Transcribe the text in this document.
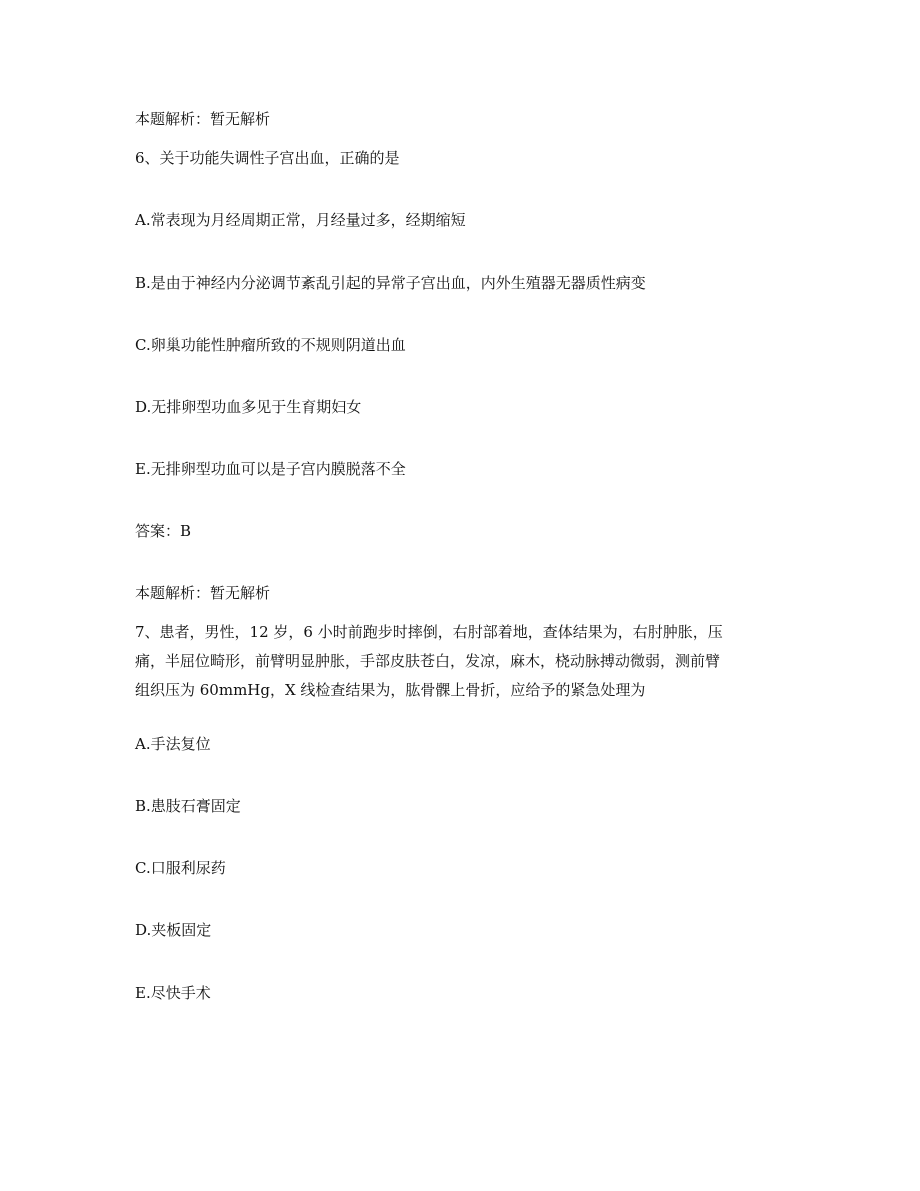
本题解析：暂无解析
6、关于功能失调性子宫出血，正确的是
A.常表现为月经周期正常，月经量过多，经期缩短
B.是由于神经内分泌调节紊乱引起的异常子宫出血，内外生殖器无器质性病变
C.卵巢功能性肿瘤所致的不规则阴道出血
D.无排卵型功血多见于生育期妇女
E.无排卵型功血可以是子宫内膜脱落不全
答案：B
本题解析：暂无解析
7、患者，男性，12 岁，6 小时前跑步时摔倒，右肘部着地，查体结果为，右肘肿胀，压
痛，半屈位畸形，前臂明显肿胀，手部皮肤苍白，发凉，麻木，桡动脉搏动微弱，测前臂
组织压为 60mmHg，X 线检查结果为，肱骨髁上骨折，应给予的紧急处理为
A.手法复位
B.患肢石膏固定
C.口服利尿药
D.夹板固定
E.尽快手术
